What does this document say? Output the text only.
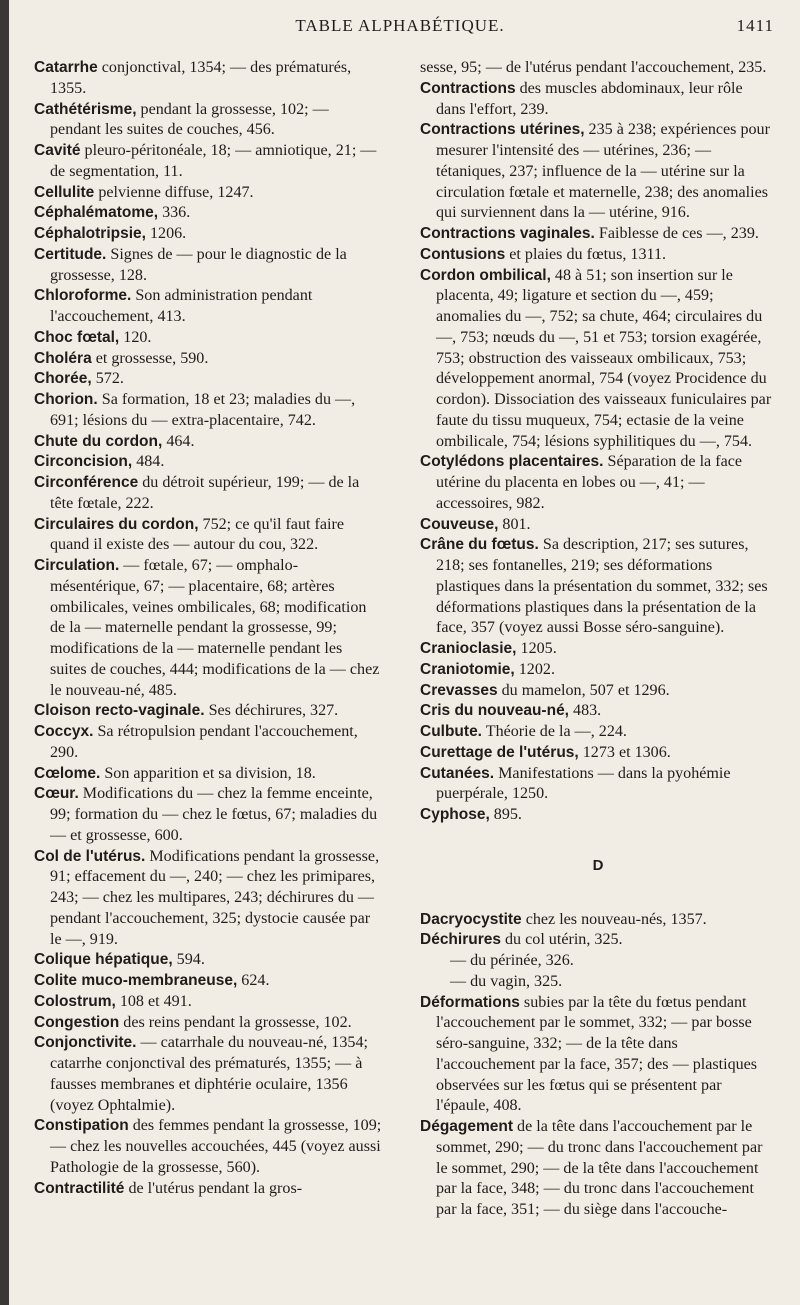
TABLE ALPHABÉTIQUE.	1411

Catarrhe conjonctival, 1354; — des prématurés, 1355.

Cathétérisme, pendant la grossesse, 102; — pendant les suites de couches, 456.

Cavité pleuro-péritonéale, 18; — amniotique, 21; — de segmentation, 11.

Cellulite pelvienne diffuse, 1247.

Céphalématome, 336.

Céphalotripsie, 1206.

Certitude. Signes de — pour le diagnostic de la grossesse, 128.

Chloroforme. Son administration pendant l'accouchement, 413.

Choc fœtal, 120.

Choléra et grossesse, 590.

Chorée, 572.

Chorion. Sa formation, 18 et 23; maladies du —, 691; lésions du — extra-placentaire, 742.

Chute du cordon, 464.

Circoncision, 484.

Circonférence du détroit supérieur, 199; — de la tête fœtale, 222.

Circulaires du cordon, 752; ce qu'il faut faire quand il existe des — autour du cou, 322.

Circulation. — fœtale, 67; — omphalo-mésentérique, 67; — placentaire, 68; artères ombilicales, veines ombilicales, 68; modification de la — maternelle pendant la grossesse, 99; modifications de la — maternelle pendant les suites de couches, 444; modifications de la — chez le nouveau-né, 485.

Cloison recto-vaginale. Ses déchirures, 327.

Coccyx. Sa rétropulsion pendant l'accouchement, 290.

Cœlome. Son apparition et sa division, 18.

Cœur. Modifications du — chez la femme enceinte, 99; formation du — chez le fœtus, 67; maladies du — et grossesse, 600.

Col de l'utérus. Modifications pendant la grossesse, 91; effacement du —, 240; — chez les primipares, 243; — chez les multipares, 243; déchirures du — pendant l'accouchement, 325; dystocie causée par le —, 919.

Colique hépatique, 594.

Colite muco-membraneuse, 624.

Colostrum, 108 et 491.

Congestion des reins pendant la grossesse, 102.

Conjonctivite. — catarrhale du nouveau-né, 1354; catarrhe conjonctival des prématurés, 1355; — à fausses membranes et diphtérie oculaire, 1356 (voyez Ophtalmie).

Constipation des femmes pendant la grossesse, 109; — chez les nouvelles accouchées, 445 (voyez aussi Pathologie de la grossesse, 560).

Contractilité de l'utérus pendant la gros-

sesse, 95; — de l'utérus pendant l'accouchement, 235.

Contractions des muscles abdominaux, leur rôle dans l'effort, 239.

Contractions utérines, 235 à 238; expériences pour mesurer l'intensité des — utérines, 236; — tétaniques, 237; influence de la — utérine sur la circulation fœtale et maternelle, 238; des anomalies qui surviennent dans la — utérine, 916.

Contractions vaginales. Faiblesse de ces —, 239.

Contusions et plaies du fœtus, 1311.

Cordon ombilical, 48 à 51; son insertion sur le placenta, 49; ligature et section du —, 459; anomalies du —, 752; sa chute, 464; circulaires du —, 753; nœuds du —, 51 et 753; torsion exagérée, 753; obstruction des vaisseaux ombilicaux, 753; développement anormal, 754 (voyez Procidence du cordon). Dissociation des vaisseaux funiculaires par faute du tissu muqueux, 754; ectasie de la veine ombilicale, 754; lésions syphilitiques du —, 754.

Cotylédons placentaires. Séparation de la face utérine du placenta en lobes ou —, 41; — accessoires, 982.

Couveuse, 801.

Crâne du fœtus. Sa description, 217; ses sutures, 218; ses fontanelles, 219; ses déformations plastiques dans la présentation du sommet, 332; ses déformations plastiques dans la présentation de la face, 357 (voyez aussi Bosse séro-sanguine).

Cranioclasie, 1205.

Craniotomie, 1202.

Crevasses du mamelon, 507 et 1296.

Cris du nouveau-né, 483.

Culbute. Théorie de la —, 224.

Curettage de l'utérus, 1273 et 1306.

Cutanées. Manifestations — dans la pyohémie puerpérale, 1250.

Cyphose, 895.

D

Dacryocystite chez les nouveau-nés, 1357.

Déchirures du col utérin, 325.

— du périnée, 326.

— du vagin, 325.

Déformations subies par la tête du fœtus pendant l'accouchement par le sommet, 332; — par bosse séro-sanguine, 332; — de la tête dans l'accouchement par la face, 357; des — plastiques observées sur les fœtus qui se présentent par l'épaule, 408.

Dégagement de la tête dans l'accouchement par le sommet, 290; — du tronc dans l'accouchement par le sommet, 290; — de la tête dans l'accouchement par la face, 348; — du tronc dans l'accouchement par la face, 351; — du siège dans l'accouche-
